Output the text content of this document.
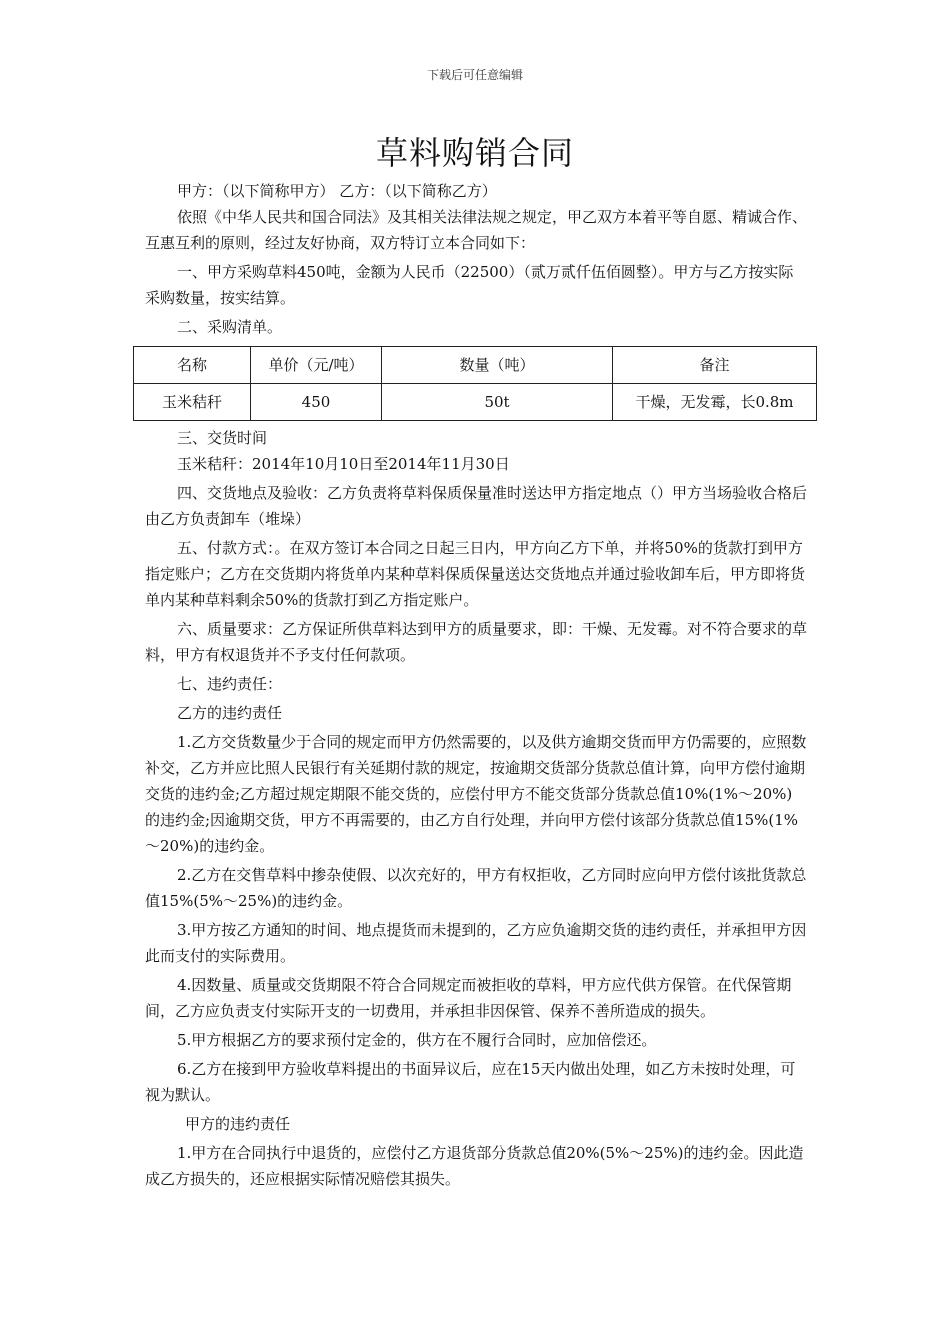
下载后可任意编辑
草料购销合同

甲方：（以下简称甲方） 乙方：（以下简称乙方）

依照《中华人民共和国合同法》及其相关法律法规之规定，甲乙双方本着平等自愿、精诚合作、互惠互利的原则，经过友好协商，双方特订立本合同如下：

一、甲方采购草料450吨，金额为人民币（22500）（贰万贰仟伍佰圆整）。甲方与乙方按实际采购数量，按实结算。

二、采购清单。

名称	单价（元/吨）	数量（吨）	备注
玉米秸秆	450	50t	干燥，无发霉，长0.8m

三、交货时间

玉米秸秆：2014年10月10日至2014年11月30日

四、交货地点及验收：乙方负责将草料保质保量准时送达甲方指定地点（）甲方当场验收合格后由乙方负责卸车（堆垛）

五、付款方式：。在双方签订本合同之日起三日内，甲方向乙方下单，并将50%的货款打到甲方指定账户；乙方在交货期内将货单内某种草料保质保量送达交货地点并通过验收卸车后，甲方即将货单内某种草料剩余50%的货款打到乙方指定账户。

六、质量要求：乙方保证所供草料达到甲方的质量要求，即：干燥、无发霉。对不符合要求的草料，甲方有权退货并不予支付任何款项。

七、违约责任：

乙方的违约责任

1.乙方交货数量少于合同的规定而甲方仍然需要的，以及供方逾期交货而甲方仍需要的，应照数补交，乙方并应比照人民银行有关延期付款的规定，按逾期交货部分货款总值计算，向甲方偿付逾期交货的违约金;乙方超过规定期限不能交货的，应偿付甲方不能交货部分货款总值10%(1%～20%)的违约金;因逾期交货，甲方不再需要的，由乙方自行处理，并向甲方偿付该部分货款总值15%(1%～20%)的违约金。

2.乙方在交售草料中掺杂使假、以次充好的，甲方有权拒收，乙方同时应向甲方偿付该批货款总值15%(5%～25%)的违约金。

3.甲方按乙方通知的时间、地点提货而未提到的，乙方应负逾期交货的违约责任，并承担甲方因此而支付的实际费用。

4.因数量、质量或交货期限不符合合同规定而被拒收的草料，甲方应代供方保管。在代保管期间，乙方应负责支付实际开支的一切费用，并承担非因保管、保养不善所造成的损失。

5.甲方根据乙方的要求预付定金的，供方在不履行合同时，应加倍偿还。

6.乙方在接到甲方验收草料提出的书面异议后，应在15天内做出处理，如乙方未按时处理，可视为默认。

甲方的违约责任

1.甲方在合同执行中退货的，应偿付乙方退货部分货款总值20%(5%～25%)的违约金。因此造成乙方损失的，还应根据实际情况赔偿其损失。
